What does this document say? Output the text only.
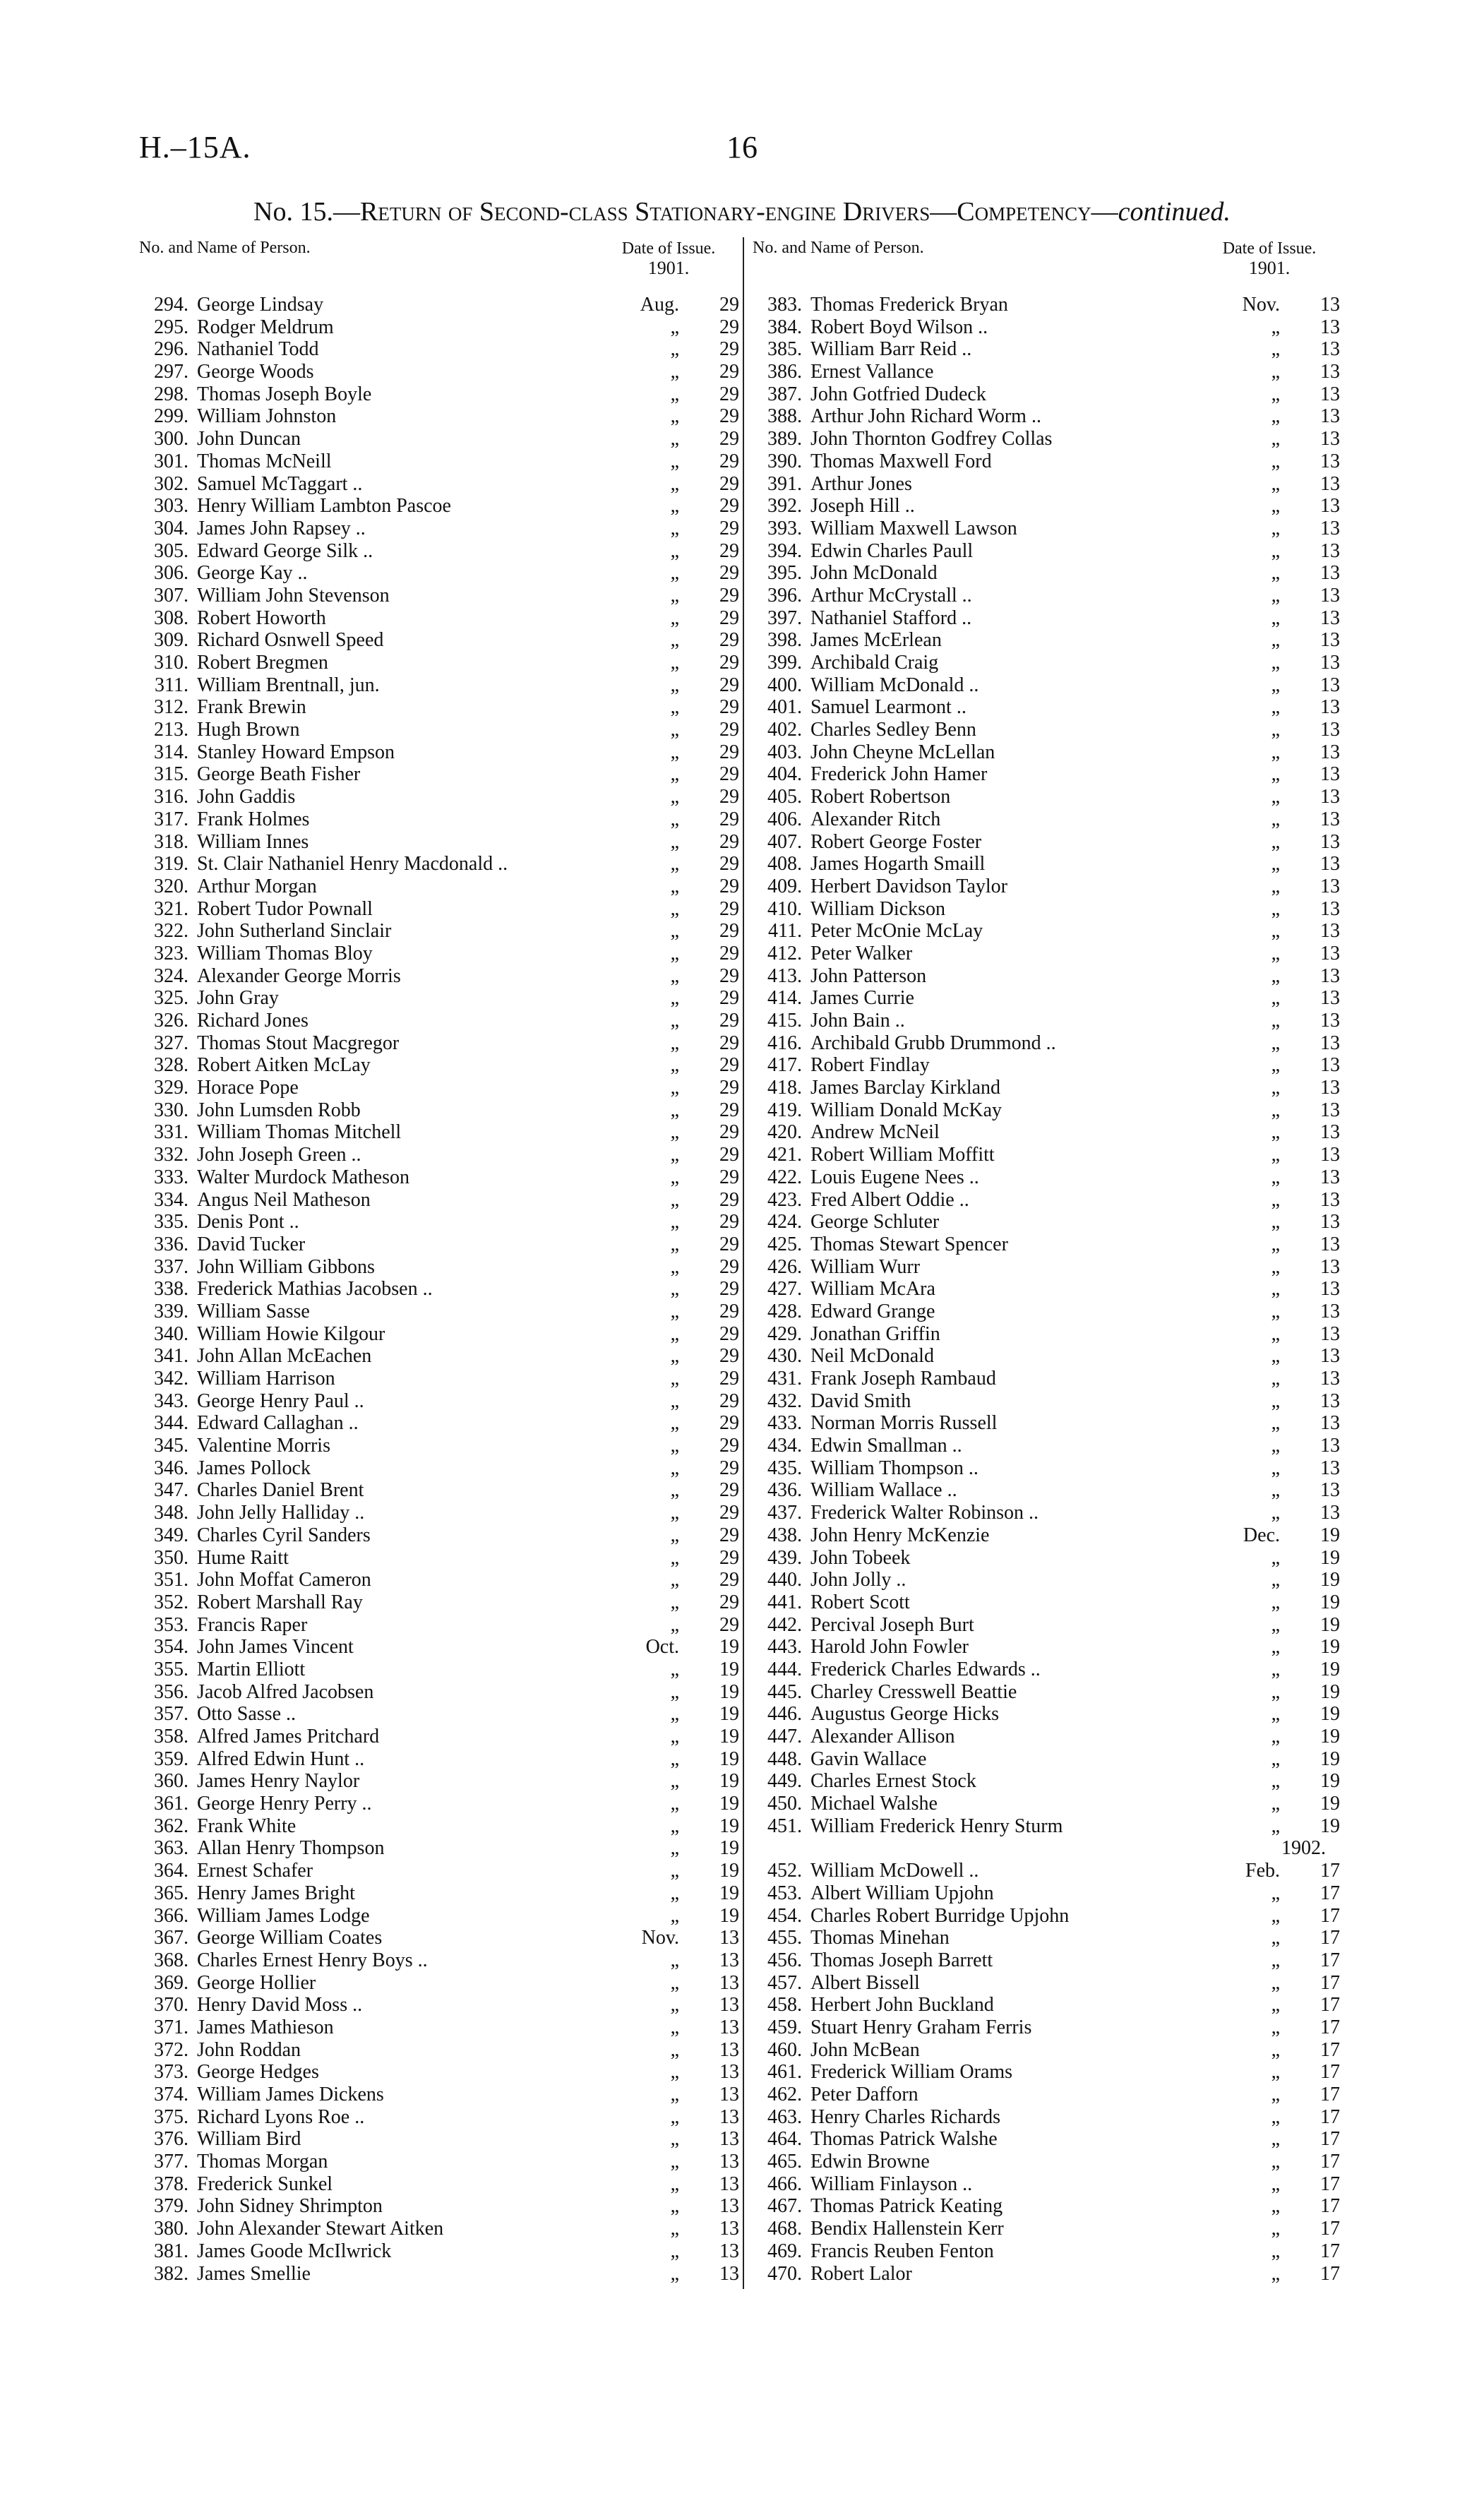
H.–15A.	16
No. 15.—Return of Second-class Stationary-engine Drivers—Competency—continued.
No. and Name of Person.	Date of Issue.
1901.
294. George Lindsay	Aug.	29
295. Rodger Meldrum	„	29
296. Nathaniel Todd	„	29
297. George Woods	„	29
298. Thomas Joseph Boyle	„	29
299. William Johnston	„	29
300. John Duncan	„	29
301. Thomas McNeill	„	29
302. Samuel McTaggart ..	„	29
303. Henry William Lambton Pascoe	„	29
304. James John Rapsey ..	„	29
305. Edward George Silk ..	„	29
306. George Kay ..	„	29
307. William John Stevenson	„	29
308. Robert Howorth	„	29
309. Richard Osnwell Speed	„	29
310. Robert Bregmen	„	29
311. William Brentnall, jun.	„	29
312. Frank Brewin	„	29
213. Hugh Brown	„	29
314. Stanley Howard Empson	„	29
315. George Beath Fisher	„	29
316. John Gaddis	„	29
317. Frank Holmes	„	29
318. William Innes	„	29
319. St. Clair Nathaniel Henry Macdonald ..	„	29
320. Arthur Morgan	„	29
321. Robert Tudor Pownall	„	29
322. John Sutherland Sinclair	„	29
323. William Thomas Bloy	„	29
324. Alexander George Morris	„	29
325. John Gray	„	29
326. Richard Jones	„	29
327. Thomas Stout Macgregor	„	29
328. Robert Aitken McLay	„	29
329. Horace Pope	„	29
330. John Lumsden Robb	„	29
331. William Thomas Mitchell	„	29
332. John Joseph Green ..	„	29
333. Walter Murdock Matheson	„	29
334. Angus Neil Matheson	„	29
335. Denis Pont ..	„	29
336. David Tucker	„	29
337. John William Gibbons	„	29
338. Frederick Mathias Jacobsen ..	„	29
339. William Sasse	„	29
340. William Howie Kilgour	„	29
341. John Allan McEachen	„	29
342. William Harrison	„	29
343. George Henry Paul ..	„	29
344. Edward Callaghan ..	„	29
345. Valentine Morris	„	29
346. James Pollock	„	29
347. Charles Daniel Brent	„	29
348. John Jelly Halliday ..	„	29
349. Charles Cyril Sanders	„	29
350. Hume Raitt	„	29
351. John Moffat Cameron	„	29
352. Robert Marshall Ray	„	29
353. Francis Raper	„	29
354. John James Vincent	Oct.	19
355. Martin Elliott	„	19
356. Jacob Alfred Jacobsen	„	19
357. Otto Sasse ..	„	19
358. Alfred James Pritchard	„	19
359. Alfred Edwin Hunt ..	„	19
360. James Henry Naylor	„	19
361. George Henry Perry ..	„	19
362. Frank White	„	19
363. Allan Henry Thompson	„	19
364. Ernest Schafer	„	19
365. Henry James Bright	„	19
366. William James Lodge	„	19
367. George William Coates	Nov.	13
368. Charles Ernest Henry Boys ..	„	13
369. George Hollier	„	13
370. Henry David Moss ..	„	13
371. James Mathieson	„	13
372. John Roddan	„	13
373. George Hedges	„	13
374. William James Dickens	„	13
375. Richard Lyons Roe ..	„	13
376. William Bird	„	13
377. Thomas Morgan	„	13
378. Frederick Sunkel	„	13
379. John Sidney Shrimpton	„	13
380. John Alexander Stewart Aitken	„	13
381. James Goode McIlwrick	„	13
382. James Smellie	„	13
No. and Name of Person.	Date of Issue.
1901.
383. Thomas Frederick Bryan	Nov.	13
384. Robert Boyd Wilson ..	„	13
385. William Barr Reid ..	„	13
386. Ernest Vallance	„	13
387. John Gotfried Dudeck	„	13
388. Arthur John Richard Worm ..	„	13
389. John Thornton Godfrey Collas	„	13
390. Thomas Maxwell Ford	„	13
391. Arthur Jones	„	13
392. Joseph Hill ..	„	13
393. William Maxwell Lawson	„	13
394. Edwin Charles Paull	„	13
395. John McDonald	„	13
396. Arthur McCrystall ..	„	13
397. Nathaniel Stafford ..	„	13
398. James McErlean	„	13
399. Archibald Craig	„	13
400. William McDonald ..	„	13
401. Samuel Learmont ..	„	13
402. Charles Sedley Benn	„	13
403. John Cheyne McLellan	„	13
404. Frederick John Hamer	„	13
405. Robert Robertson	„	13
406. Alexander Ritch	„	13
407. Robert George Foster	„	13
408. James Hogarth Smaill	„	13
409. Herbert Davidson Taylor	„	13
410. William Dickson	„	13
411. Peter McOnie McLay	„	13
412. Peter Walker	„	13
413. John Patterson	„	13
414. James Currie	„	13
415. John Bain ..	„	13
416. Archibald Grubb Drummond ..	„	13
417. Robert Findlay	„	13
418. James Barclay Kirkland	„	13
419. William Donald McKay	„	13
420. Andrew McNeil	„	13
421. Robert William Moffitt	„	13
422. Louis Eugene Nees ..	„	13
423. Fred Albert Oddie ..	„	13
424. George Schluter	„	13
425. Thomas Stewart Spencer	„	13
426. William Wurr	„	13
427. William McAra	„	13
428. Edward Grange	„	13
429. Jonathan Griffin	„	13
430. Neil McDonald	„	13
431. Frank Joseph Rambaud	„	13
432. David Smith	„	13
433. Norman Morris Russell	„	13
434. Edwin Smallman ..	„	13
435. William Thompson ..	„	13
436. William Wallace ..	„	13
437. Frederick Walter Robinson ..	„	13
438. John Henry McKenzie	Dec.	19
439. John Tobeek	„	19
440. John Jolly ..	„	19
441. Robert Scott	„	19
442. Percival Joseph Burt	„	19
443. Harold John Fowler	„	19
444. Frederick Charles Edwards ..	„	19
445. Charley Cresswell Beattie	„	19
446. Augustus George Hicks	„	19
447. Alexander Allison	„	19
448. Gavin Wallace	„	19
449. Charles Ernest Stock	„	19
450. Michael Walshe	„	19
451. William Frederick Henry Sturm	„	19
1902.
452. William McDowell ..	Feb.	17
453. Albert William Upjohn	„	17
454. Charles Robert Burridge Upjohn	„	17
455. Thomas Minehan	„	17
456. Thomas Joseph Barrett	„	17
457. Albert Bissell	„	17
458. Herbert John Buckland	„	17
459. Stuart Henry Graham Ferris	„	17
460. John McBean	„	17
461. Frederick William Orams	„	17
462. Peter Dafforn	„	17
463. Henry Charles Richards	„	17
464. Thomas Patrick Walshe	„	17
465. Edwin Browne	„	17
466. William Finlayson ..	„	17
467. Thomas Patrick Keating	„	17
468. Bendix Hallenstein Kerr	„	17
469. Francis Reuben Fenton	„	17
470. Robert Lalor	„	17
